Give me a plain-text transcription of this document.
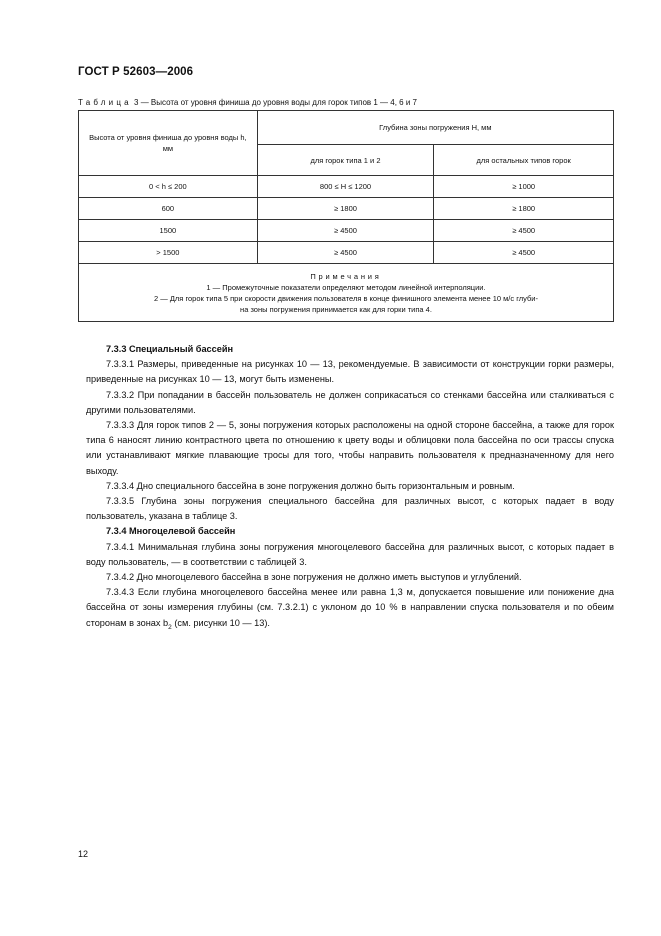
ГОСТ Р 52603—2006
Таблица 3 — Высота от уровня финиша до уровня воды для горок типов 1 — 4, 6 и 7
Высота от уровня финиша до уровня воды h, мм	Глубина зоны погружения H, мм	
	для горок типа 1 и 2	для остальных типов горок
0 < h ≤ 200	800 ≤ H ≤ 1200	≥ 1000
600	≥ 1800	≥ 1800
1500	≥ 4500	≥ 4500
> 1500	≥ 4500	≥ 4500

Примечания
1 — Промежуточные показатели определяют методом линейной интерполяции.
2 — Для горок типа 5 при скорости движения пользователя в конце финишного элемента менее 10 м/с глуби-
на зоны погружения принимается как для горки типа 4.		

7.3.3 Специальный бассейн

7.3.3.1 Размеры, приведенные на рисунках 10 — 13, рекомендуемые. В зависимости от конструкции горки размеры, приведенные на рисунках 10 — 13, могут быть изменены.

7.3.3.2 При попадании в бассейн пользователь не должен соприкасаться со стенками бассейна или сталкиваться с другими пользователями.

7.3.3.3 Для горок типов 2 — 5, зоны погружения которых расположены на одной стороне бассейна, а также для горок типа 6 наносят линию контрастного цвета по отношению к цвету воды и облицовки пола бассейна по оси трассы спуска или устанавливают мягкие плавающие тросы для того, чтобы направить пользователя к предназначенному для него выходу.

7.3.3.4 Дно специального бассейна в зоне погружения должно быть горизонтальным и ровным.

7.3.3.5 Глубина зоны погружения специального бассейна для различных высот, с которых падает в воду пользователь, указана в таблице 3.

7.3.4 Многоцелевой бассейн

7.3.4.1 Минимальная глубина зоны погружения многоцелевого бассейна для различных высот, с которых падает в воду пользователь, — в соответствии с таблицей 3.

7.3.4.2 Дно многоцелевого бассейна в зоне погружения не должно иметь выступов и углублений.

7.3.4.3 Если глубина многоцелевого бассейна менее или равна 1,3 м, допускается повышение или понижение дна бассейна от зоны измерения глубины (см. 7.3.2.1) с уклоном до 10 % в направлении спуска пользователя и по обеим сторонам в зонах $b_2$ (см. рисунки 10 — 13).

12
